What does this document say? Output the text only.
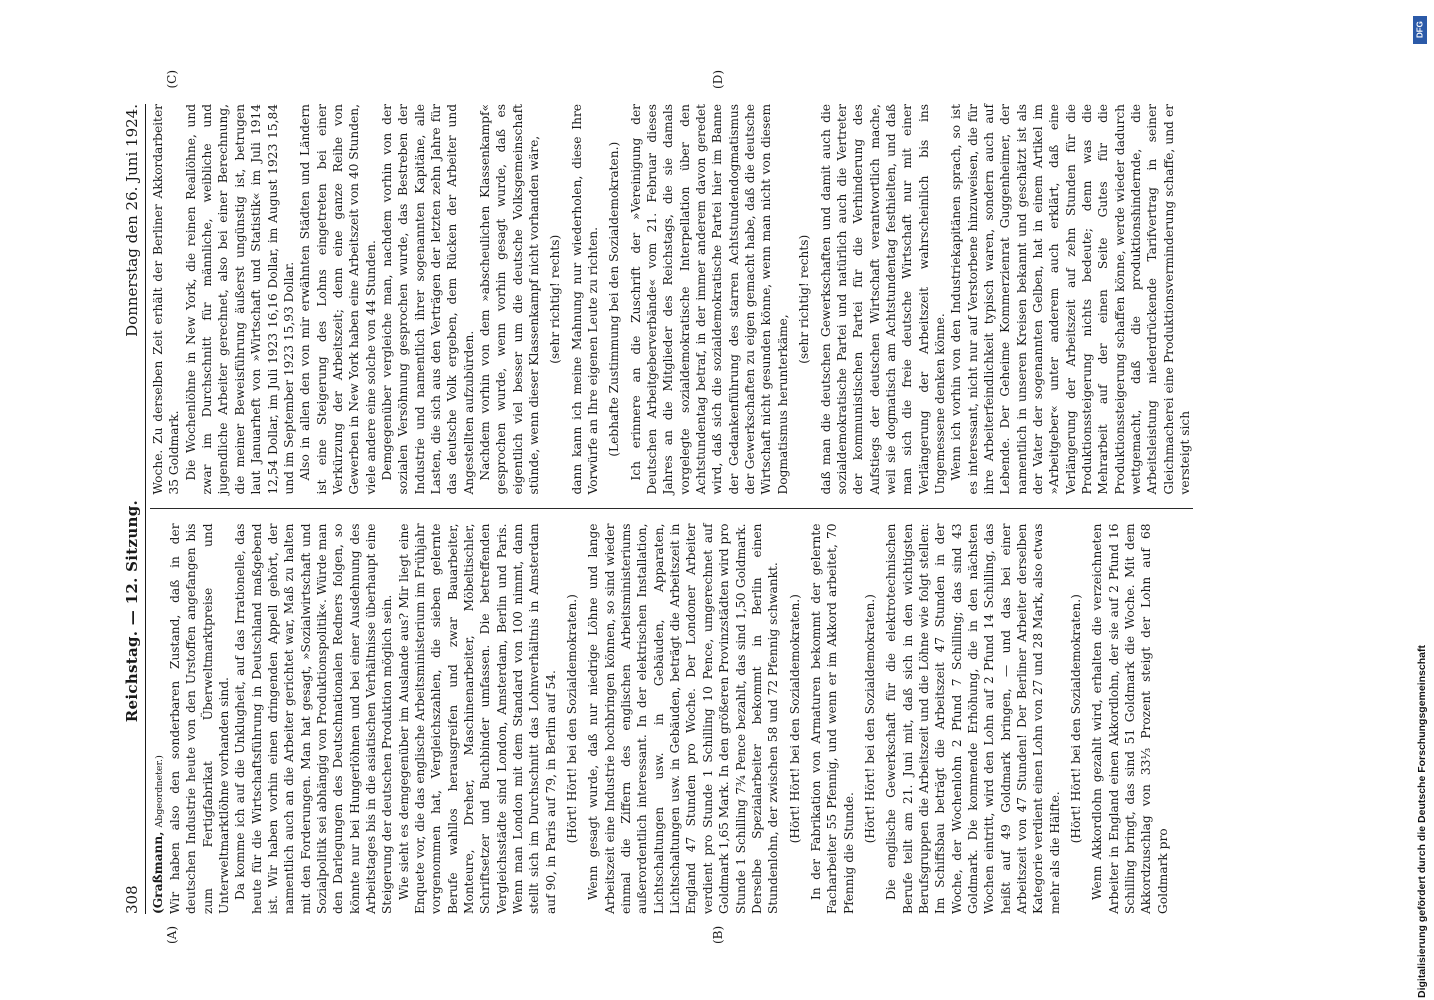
308
Reichstag. — 12. Sitzung.
Donnerstag den 26. Juni 1924.
(A)	(B)
(C)	(D)

(Graßmann, Abgeordneter.) Wir haben also den sonderbaren Zustand, daß in der deutschen Industrie heute von den Urstoffen angefangen bis zum Fertigfabrikat Überweltmarktpreise und Unterweltmarktlöhne vorhanden sind. Da komme ich auf die Unklugheit, auf das Irrationelle, das heute für die Wirtschaftsführung in Deutschland maßgebend ist. Wir haben vorhin einen dringenden Appell gehört, der namentlich auch an die Arbeiter gerichtet war, Maß zu halten mit den Forderungen. Man hat gesagt, »Sozialwirtschaft und Sozialpolitik sei abhängig von Produktionspolitik«. Würde man den Darlegungen des Deutschnationalen Redners folgen, so könnte nur bei Hungerlöhnen und bei einer Ausdehnung des Arbeitstages bis in die asiatischen Verhältnisse überhaupt eine Steigerung der deutschen Produktion möglich sein. Wie sieht es demgegenüber im Auslande aus? Mir liegt eine Enquete vor, die das englische Arbeitsministerium im Frühjahr vorgenommen hat, Vergleichszahlen, die sieben gelernte Berufe wahllos herausgreifen und zwar Bauarbeiter, Monteure, Dreher, Maschinenarbeiter, Möbeltischler, Schriftsetzer und Buchbinder umfassen. Die betreffenden Vergleichsstädte sind London, Amsterdam, Berlin und Paris. Wenn man London mit dem Standard von 100 nimmt, dann stellt sich im Durchschnitt das Lohnverhältnis in Amsterdam auf 90, in Paris auf 79, in Berlin auf 54. (Hört! Hört! bei den Sozialdemokraten.) Wenn gesagt wurde, daß nur niedrige Löhne und lange Arbeitszeit eine Industrie hochbringen können, so sind wieder einmal die Ziffern des englischen Arbeitsministeriums außerordentlich interessant. In der elektrischen Installation, Lichtschaltungen usw. in Gebäuden, Apparaten, Lichtschaltungen usw. in Gebäuden, beträgt die Arbeitszeit in England 47 Stunden pro Woche. Der Londoner Arbeiter verdient pro Stunde 1 Schilling 10 Pence, umgerechnet auf Goldmark 1,65 Mark. In den größeren Provinzstädten wird pro Stunde 1 Schilling 7¾ Pence bezahlt, das sind 1,50 Goldmark. Derselbe Spezialarbeiter bekommt in Berlin einen Stundenlohn, der zwischen 58 und 72 Pfennig schwankt. (Hört! Hört! bei den Sozialdemokraten.) In der Fabrikation von Armaturen bekommt der gelernte Facharbeiter 55 Pfennig, und wenn er im Akkord arbeitet, 70 Pfennig die Stunde.

(Hört! Hört! bei den Sozialdemokraten.) Die englische Gewerkschaft für die elektrotechnischen Berufe teilt am 21. Juni mit, daß sich in den wichtigsten Berufsgruppen die Arbeitszeit und die Löhne wie folgt stellen: Im Schiffsbau beträgt die Arbeitszeit 47 Stunden in der Woche, der Wochenlohn 2 Pfund 7 Schilling; das sind 43 Goldmark. Die kommende Erhöhung, die in den nächsten Wochen eintritt, wird den Lohn auf 2 Pfund 14 Schilling, das heißt auf 49 Goldmark bringen, — und das bei einer Arbeitszeit von 47 Stunden! Der Berliner Arbeiter derselben Kategorie verdient einen Lohn von 27 und 28 Mark, also etwas mehr als die Hälfte.

(Hört! Hört! bei den Sozialdemokraten.) Wenn Akkordlohn gezahlt wird, erhalten die verzeichneten Arbeiter in England einen Akkordlohn, der sie auf 2 Pfund 16 Schilling bringt, das sind 51 Goldmark die Woche. Mit dem Akkordzuschlag von 33⅓ Prozent steigt der Lohn auf 68 Goldmark pro

Woche. Zu derselben Zeit erhält der Berliner Akkordarbeiter 35 Goldmark. Die Wochenlöhne in New York, die reinen Reallöhne, und zwar im Durchschnitt für männliche, weibliche und jugendliche Arbeiter gerechnet, also bei einer Berechnung, die meiner Beweisführung äußerst ungünstig ist, betrugen laut Januarheft von »Wirtschaft und Statistik« im Juli 1914 12,54 Dollar, im Juli 1923 16,16 Dollar, im August 1923 15,84 und im September 1923 15,93 Dollar. Also in allen den von mir erwähnten Städten und Ländern ist eine Steigerung des Lohns eingetreten bei einer Verkürzung der Arbeitszeit; denn eine ganze Reihe von Gewerben in New York haben eine Arbeitszeit von 40 Stunden, viele andere eine solche von 44 Stunden. Demgegenüber vergleiche man, nachdem vorhin von der sozialen Versöhnung gesprochen wurde, das Bestreben der Industrie und namentlich ihrer sogenannten Kapitäne, alle Lasten, die sich aus den Verträgen der letzten zehn Jahre für das deutsche Volk ergeben, dem Rücken der Arbeiter und Angestellten aufzubürden. Nachdem vorhin von dem »abscheulichen Klassenkampf« gesprochen wurde, wenn vorhin gesagt wurde, daß es eigentlich viel besser um die deutsche Volksgemeinschaft stünde, wenn dieser Klassenkampf nicht vorhanden wäre, (sehr richtig! rechts) dann kann ich meine Mahnung nur wiederholen, diese Ihre Vorwürfe an Ihre eigenen Leute zu richten. (Lebhafte Zustimmung bei den Sozialdemokraten.) Ich erinnere an die Zuschrift der »Vereinigung der Deutschen Arbeitgeberverbände« vom 21. Februar dieses Jahres an die Mitglieder des Reichstags, die sie damals vorgelegte sozialdemokratische Interpellation über den Achtstundentag betraf, in der immer anderem davon geredet wird, daß sich die sozialdemokratische Partei hier im Banne der Gedankenführung des starren Achtstundendogmatismus der Gewerkschaften zu eigen gemacht habe, daß die deutsche Wirtschaft nicht gesunden könne, wenn man nicht von diesem Dogmatismus herunterkäme,

(sehr richtig! rechts) daß man die deutschen Gewerkschaften und damit auch die sozialdemokratische Partei und natürlich auch die Vertreter der kommunistischen Partei für die Verhinderung des Aufstiegs der deutschen Wirtschaft verantwortlich mache, weil sie dogmatisch am Achtstundentag festhielten, und daß man sich die freie deutsche Wirtschaft nur mit einer Verlängerung der Arbeitszeit wahrscheinlich bis ins Ungemessene denken könne. Wenn ich vorhin von den Industriekapitänen sprach, so ist es interessant, nicht nur auf Verstorbene hinzuweisen, die für ihre Arbeiterfeindlichkeit typisch waren, sondern auch auf Lebende. Der Geheime Kommerzienrat Guggenheimer, der namentlich in unseren Kreisen bekannt und geschätzt ist als der Vater der sogenannten Gelben, hat in einem Artikel im »Arbeitgeber« unter anderem auch erklärt, daß eine Verlängerung der Arbeitszeit auf zehn Stunden für die Produktionssteigerung nichts bedeute; denn was die Mehrarbeit auf der einen Seite Gutes für die Produktionssteigerung schaffen könne, werde wieder dadurch wettgemacht, daß die produktionshindernde, die Arbeitsleistung niederdrückende Tarifvertrag in seiner Gleichmacherei eine Produktionsverminderung schaffe, und er versteigt sich

DFG
Digitalisierung gefördert durch die Deutsche Forschungsgemeinschaft
